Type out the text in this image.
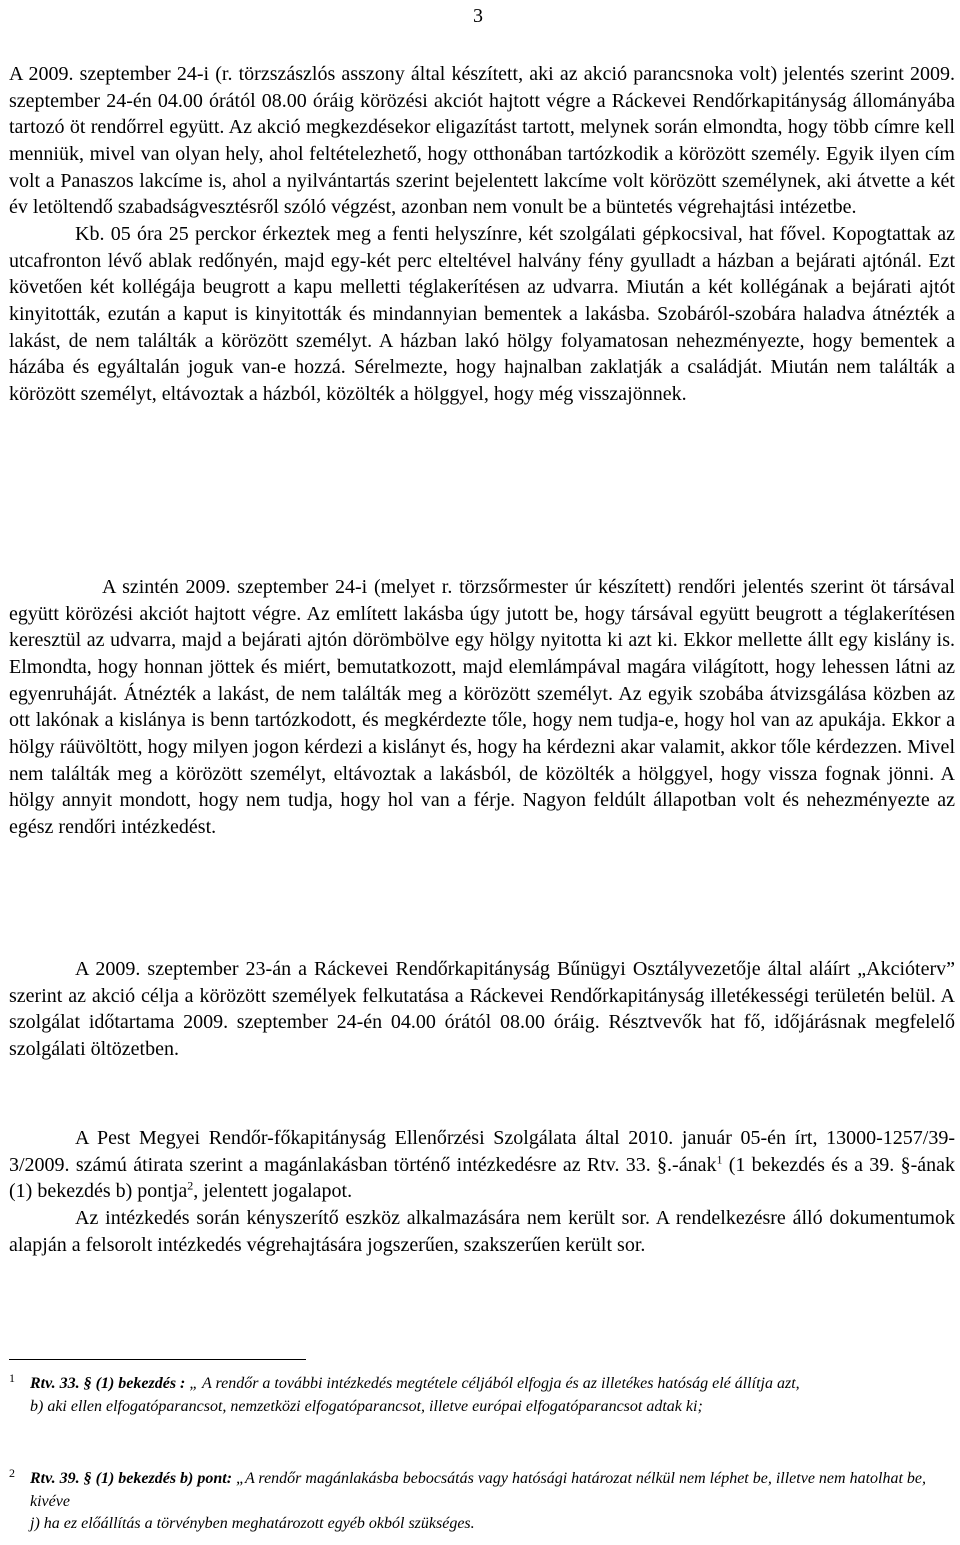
3

A 2009. szeptember 24-i (r. törzszászlós asszony által készített, aki az akció parancsnoka volt) jelentés szerint 2009. szeptember 24-én 04.00 órától 08.00 óráig körözési akciót hajtott végre a Ráckevei Rendőrkapitányság állományába tartozó öt rendőrrel együtt. Az akció megkezdésekor eligazítást tartott, melynek során elmondta, hogy több címre kell menniük, mivel van olyan hely, ahol feltételezhető, hogy otthonában tartózkodik a körözött személy. Egyik ilyen cím volt a Panaszos lakcíme is, ahol a nyilvántartás szerint bejelentett lakcíme volt körözött személynek, aki átvette a két év letöltendő szabadságvesztésről szóló végzést, azonban nem vonult be a büntetés végrehajtási intézetbe.

Kb. 05 óra 25 perckor érkeztek meg a fenti helyszínre, két szolgálati gépkocsival, hat fővel. Kopogtattak az utcafronton lévő ablak redőnyén, majd egy-két perc elteltével halvány fény gyulladt a házban a bejárati ajtónál. Ezt követően két kollégája beugrott a kapu melletti téglakerítésen az udvarra. Miután a két kollégának a bejárati ajtót kinyitották, ezután a kaput is kinyitották és mindannyian bementek a lakásba. Szobáról-szobára haladva átnézték a lakást, de nem találták a körözött személyt. A házban lakó hölgy folyamatosan nehezményezte, hogy bementek a házába és egyáltalán joguk van-e hozzá. Sérelmezte, hogy hajnalban zaklatják a családját. Miután nem találták a körözött személyt, eltávoztak a házból, közölték a hölggyel, hogy még visszajönnek.

A szintén 2009. szeptember 24-i (melyet r. törzsőrmester úr készített) rendőri jelentés szerint öt társával együtt körözési akciót hajtott végre. Az említett lakásba úgy jutott be, hogy társával együtt beugrott a téglakerítésen keresztül az udvarra, majd a bejárati ajtón dörömbölve egy hölgy nyitotta ki azt ki. Ekkor mellette állt egy kislány is. Elmondta, hogy honnan jöttek és miért, bemutatkozott, majd elemlámpával magára világított, hogy lehessen látni az egyenruháját. Átnézték a lakást, de nem találták meg a körözött személyt. Az egyik szobába átvizsgálása közben az ott lakónak a kislánya is benn tartózkodott, és megkérdezte tőle, hogy nem tudja-e, hogy hol van az apukája. Ekkor a hölgy ráüvöltött, hogy milyen jogon kérdezi a kislányt és, hogy ha kérdezni akar valamit, akkor tőle kérdezzen. Mivel nem találták meg a körözött személyt, eltávoztak a lakásból, de közölték a hölggyel, hogy vissza fognak jönni. A hölgy annyit mondott, hogy nem tudja, hogy hol van a férje. Nagyon feldúlt állapotban volt és nehezményezte az egész rendőri intézkedést.

A 2009. szeptember 23-án a Ráckevei Rendőrkapitányság Bűnügyi Osztályvezetője által aláírt „Akcióterv” szerint az akció célja a körözött személyek felkutatása a Ráckevei Rendőrkapitányság illetékességi területén belül. A szolgálat időtartama 2009. szeptember 24-én 04.00 órától 08.00 óráig. Résztvevők hat fő, időjárásnak megfelelő szolgálati öltözetben.

A Pest Megyei Rendőr-főkapitányság Ellenőrzési Szolgálata által 2010. január 05-én írt, 13000-1257/39-3/2009. számú átirata szerint a magánlakásban történő intézkedésre az Rtv. 33. §.-ának$^1$ (1 bekezdés és a 39. §-ának (1) bekezdés b) pontja$^2$, jelentett jogalapot.

Az intézkedés során kényszerítő eszköz alkalmazására nem került sor. A rendelkezésre álló dokumentumok alapján a felsorolt intézkedés végrehajtására jogszerűen, szakszerűen került sor.

1 Rtv. 33. § (1) bekezdés : „ A rendőr a további intézkedés megtétele céljából elfogja és az illetékes hatóság elé állítja azt,

b) aki ellen elfogatóparancsot, nemzetközi elfogatóparancsot, illetve európai elfogatóparancsot adtak ki;

2 Rtv. 39. § (1) bekezdés b) pont: „A rendőr magánlakásba bebocsátás vagy hatósági határozat nélkül nem léphet be, illetve nem hatolhat be, kivéve

j) ha ez előállítás a törvényben meghatározott egyéb okból szükséges.
